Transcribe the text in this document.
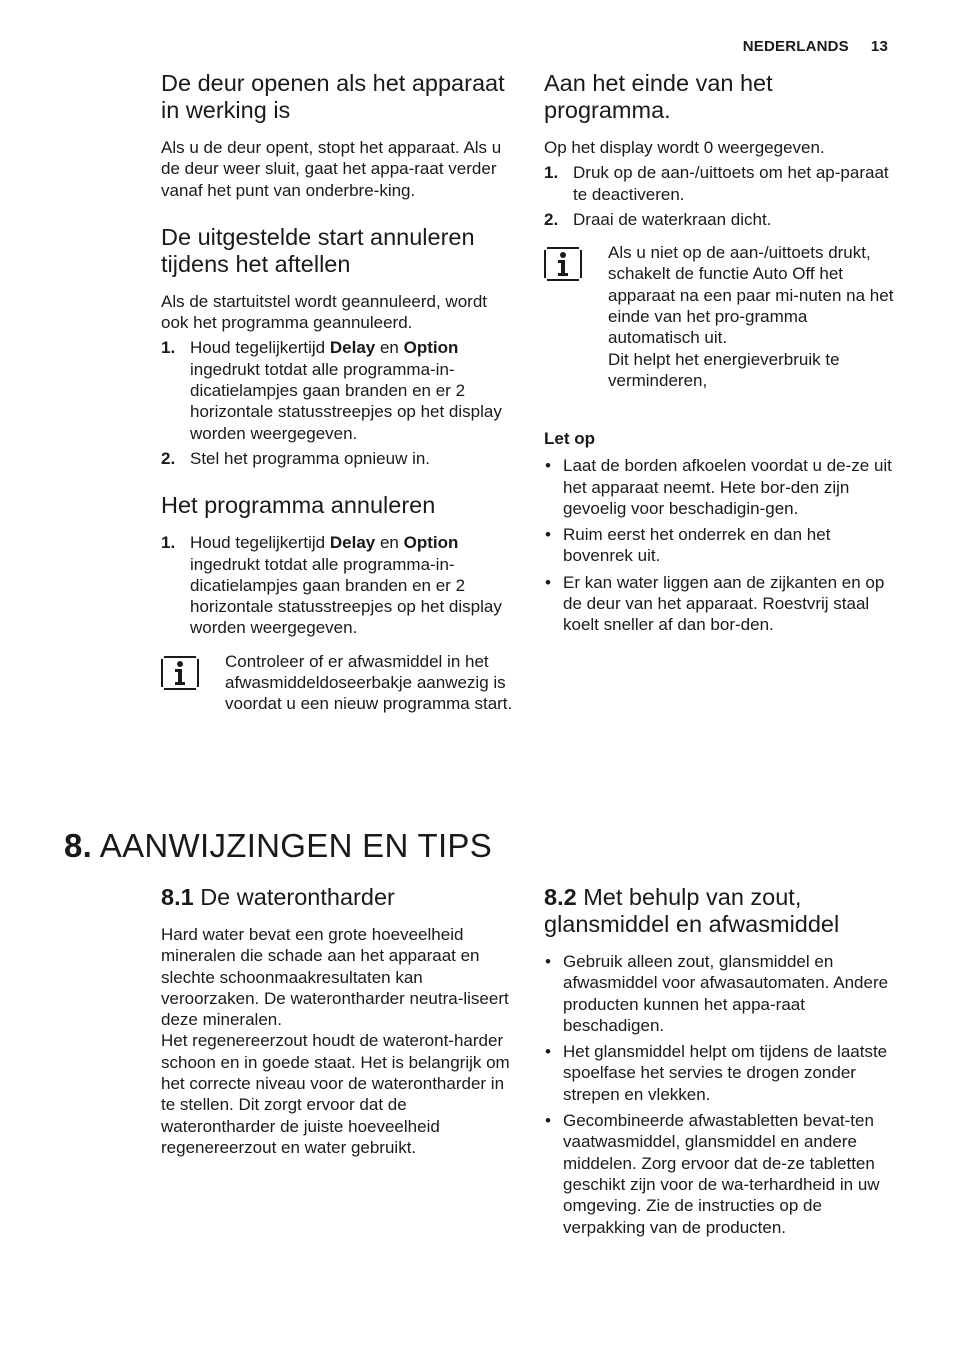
NEDERLANDS 13
De deur openen als het apparaat in werking is

Als u de deur opent, stopt het apparaat. Als u de deur weer sluit, gaat het appa-raat verder vanaf het punt van onderbre-king.

De uitgestelde start annuleren tijdens het aftellen

Als de startuitstel wordt geannuleerd, wordt ook het programma geannuleerd.

1. Houd tegelijkertijd Delay en Option ingedrukt totdat alle programma-in-dicatielampjes gaan branden en er 2 horizontale statusstreepjes op het display worden weergegeven.
2. Stel het programma opnieuw in.
Het programma annuleren
1. Houd tegelijkertijd Delay en Option ingedrukt totdat alle programma-in-dicatielampjes gaan branden en er 2 horizontale statusstreepjes op het display worden weergegeven.

Controleer of er afwasmiddel in het afwasmiddeldoseerbakje aanwezig is voordat u een nieuw programma start.

Aan het einde van het programma.

Op het display wordt 0 weergegeven.

1. Druk op de aan-/uittoets om het ap-paraat te deactiveren.
2. Draai de waterkraan dicht.

Als u niet op de aan-/uittoets drukt, schakelt de functie Auto Off het apparaat na een paar mi-nuten na het einde van het pro-gramma automatisch uit.

Dit helpt het energieverbruik te verminderen,

Let op
• Laat de borden afkoelen voordat u de-ze uit het apparaat neemt. Hete bor-den zijn gevoelig voor beschadigin-gen.
• Ruim eerst het onderrek en dan het bovenrek uit.
• Er kan water liggen aan de zijkanten en op de deur van het apparaat. Roestvrij staal koelt sneller af dan bor-den.
8. AANWIJZINGEN EN TIPS
8.1 De waterontharder

Hard water bevat een grote hoeveelheid mineralen die schade aan het apparaat en slechte schoonmaakresultaten kan veroorzaken. De waterontharder neutra-liseert deze mineralen.

Het regenereerzout houdt de wateront-harder schoon en in goede staat. Het is belangrijk om het correcte niveau voor de waterontharder in te stellen. Dit zorgt ervoor dat de waterontharder de juiste hoeveelheid regenereerzout en water gebruikt.

8.2 Met behulp van zout, glansmiddel en afwasmiddel
• Gebruik alleen zout, glansmiddel en afwasmiddel voor afwasautomaten. Andere producten kunnen het appa-raat beschadigen.
• Het glansmiddel helpt om tijdens de laatste spoelfase het servies te drogen zonder strepen en vlekken.
• Gecombineerde afwastabletten bevat-ten vaatwasmiddel, glansmiddel en andere middelen. Zorg ervoor dat de-ze tabletten geschikt zijn voor de wa-terhardheid in uw omgeving. Zie de instructies op de verpakking van de producten.
